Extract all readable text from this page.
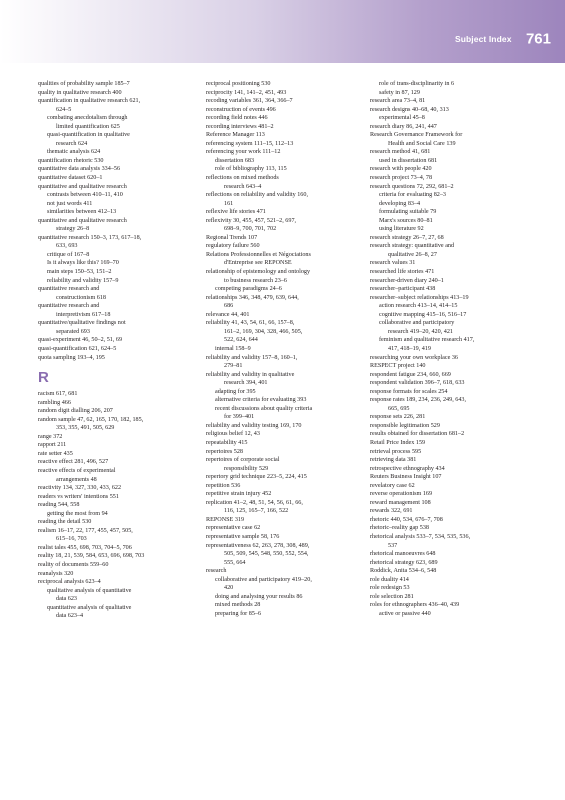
Subject Index 761
qualities of probability sample 185–7
quality in qualitative research 400
quantification in qualitative research 621,
624–5
combating anecdotalism through
limited quantification 625
quasi-quantification in qualitative
research 624
thematic analysis 624
quantification rhetoric 530
quantitative data analysis 334–56
quantitative dataset 620–1
quantitative and qualitative research
contrasts between 410–11, 410
not just words 411
similarities between 412–13
quantitative and qualitative research
strategy 26–8
quantitative research 150–3, 173, 617–18,
633, 693
critique of 167–8
Is it always like this? 169–70
main steps 150–53, 151–2
reliability and validity 157–9
quantitative research and
constructionism 618
quantitative research and
interpretivism 617–18
quantitative/qualitative findings not
separated 693
quasi-experiment 46, 50–2, 51, 69
quasi-quantification 621, 624–5
quota sampling 193–4, 195
R
racism 617, 681
rambling 466
random digit dialling 206, 207
random sample 47, 62, 165, 170, 182, 185,
353, 355, 491, 505, 629
range 372
rapport 211
rate setter 435
reactive effect 281, 496, 527
reactive effects of experimental
arrangements 48
reactivity 134, 327, 330, 433, 622
readers vs writers' intentions 551
reading 544, 558
getting the most from 94
reading the detail 530
realism 16–17, 22, 177, 455, 457, 505,
615–16, 703
realist tales 455, 698, 703, 704–5, 706
reality 18, 21, 539, 584, 653, 696, 698, 703
reality of documents 559–60
reanalysis 320
reciprocal analysis 623–4
qualitative analysis of quantitative
data 623
quantitative analysis of qualitative
data 623–4
reciprocal positioning 530
reciprocity 141, 141–2, 451, 493
recoding variables 361, 364, 366–7
reconstruction of events 496
recording field notes 446
recording interviews 481–2
Reference Manager 113
referencing system 111–15, 112–13
referencing your work 111–12
dissertation 683
role of bibliography 113, 115
reflections on mixed methods
research 643–4
reflections on reliability and validity 160,
161
reflexive life stories 471
reflexivity 30, 455, 457, 521–2, 697,
698–9, 700, 701, 702
Regional Trends 107
regulatory failure 560
Relations Professionnelles et Négociations
d'Entreprise see REPONSE
relationship of epistemology and ontology
to business research 23–6
competing paradigms 24–6
relationships 346, 348, 479, 639, 644,
686
relevance 44, 401
reliability 41, 43, 54, 61, 66, 157–8,
161–2, 169, 304, 328, 466, 505,
522, 624, 644
internal 158–9
reliability and validity 157–8, 160–1,
279–81
reliability and validity in qualitative
research 394, 401
adapting for 395
alternative criteria for evaluating 393
recent discussions about quality criteria
for 399–401
reliability and validity testing 169, 170
religious belief 12, 43
repeatability 415
repertoires 528
repertoires of corporate social
responsibility 529
repertory grid technique 223–5, 224, 415
repetition 536
repetitive strain injury 452
replication 41–2, 48, 51, 54, 56, 61, 66,
116, 125, 165–7, 166, 522
REPONSE 319
representative case 62
representative sample 58, 176
representativeness 62, 263, 278, 308, 489,
505, 509, 545, 548, 550, 552, 554,
555, 664
research
collaborative and participatory 419–20,
420
doing and analysing your results 86
mixed methods 28
preparing for 85–6
role of trans-disciplinarity in 6
safety in 87, 129
research area 73–4, 81
research designs 40–68, 40, 313
experimental 45–8
research diary 86, 241, 447
Research Governance Framework for
Health and Social Care 139
research method 41, 681
used in dissertation 681
research with people 420
research project 73–4, 78
research questions 72, 292, 681–2
criteria for evaluating 82–3
developing 83–4
formulating suitable 79
Marx's sources 80–81
using literature 92
research strategy 26–7, 27, 68
research strategy: quantitative and
qualitative 26–8, 27
research values 31
researched life stories 471
researcher-driven diary 240–1
researcher–participant 438
researcher–subject relationships 413–19
action research 413–14, 414–15
cognitive mapping 415–16, 516–17
collaborative and participatory
research 419–20, 420, 421
feminism and qualitative research 417,
417, 418–19, 419
researching your own workplace 36
RESPECT project 140
respondent fatigue 234, 660, 669
respondent validation 396–7, 618, 633
response formats for scales 254
response rates 189, 234, 236, 249, 643,
665, 695
response sets 226, 281
responsible legitimation 529
results obtained for dissertation 681–2
Retail Price Index 159
retrieval process 595
retrieving data 381
retrospective ethnography 434
Reuters Business Insight 107
revelatory case 62
reverse operationism 169
reward management 108
rewards 322, 691
rhetoric 440, 534, 676–7, 708
rhetoric–reality gap 538
rhetorical analysis 533–7, 534, 535, 536,
537
rhetorical manoeuvres 648
rhetorical strategy 623, 689
Roddick, Anita 534–6, 548
role duality 414
role redesign 53
role selection 281
roles for ethnographers 436–40, 439
active or passive 440
